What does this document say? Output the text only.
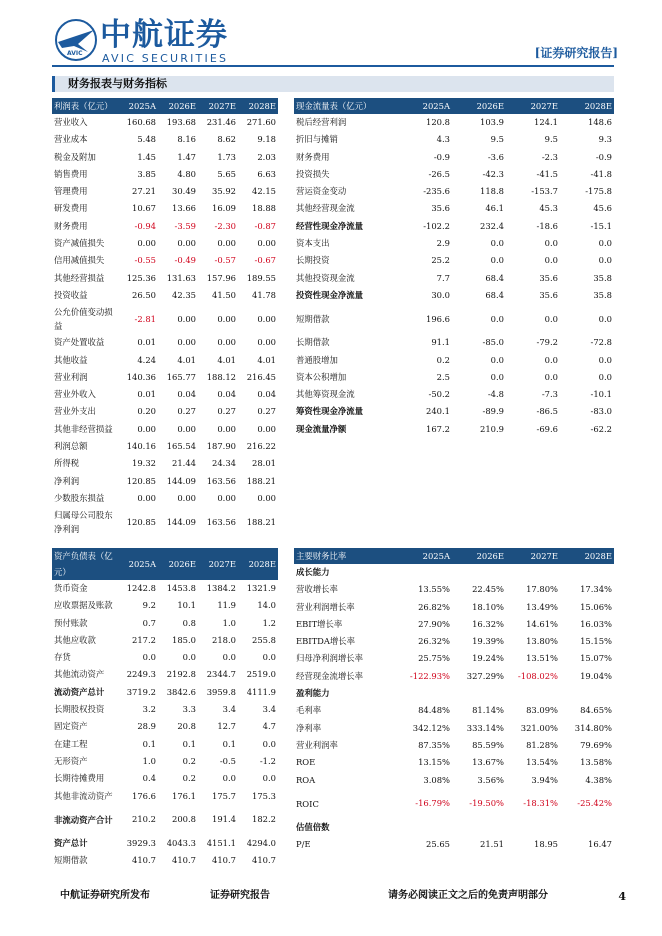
AVIC
中航证券
AVIC SECURITIES	[证券研究报告]
财务报表与财务指标
利润表（亿元）	2025A	2026E	2027E	2028E
营业收入	160.68	193.68	231.46	271.60
营业成本	5.48	8.16	8.62	9.18
税金及附加	1.45	1.47	1.73	2.03
销售费用	3.85	4.80	5.65	6.63
管理费用	27.21	30.49	35.92	42.15
研发费用	10.67	13.66	16.09	18.88
财务费用	-0.94	-3.59	-2.30	-0.87
资产减值损失	0.00	0.00	0.00	0.00
信用减值损失	-0.55	-0.49	-0.57	-0.67
其他经营损益	125.36	131.63	157.96	189.55
投资收益	26.50	42.35	41.50	41.78
公允价值变动损益	-2.81	0.00	0.00	0.00
资产处置收益	0.01	0.00	0.00	0.00
其他收益	4.24	4.01	4.01	4.01
营业利润	140.36	165.77	188.12	216.45
营业外收入	0.01	0.04	0.04	0.04
营业外支出	0.20	0.27	0.27	0.27
其他非经营损益	0.00	0.00	0.00	0.00
利润总额	140.16	165.54	187.90	216.22
所得税	19.32	21.44	24.34	28.01
净利润	120.85	144.09	163.56	188.21
少数股东损益	0.00	0.00	0.00	0.00
归属母公司股东净利润	120.85	144.09	163.56	188.21
现金流量表（亿元）	2025A	2026E	2027E	2028E
税后经营利润	120.8	103.9	124.1	148.6
折旧与摊销	4.3	9.5	9.5	9.3
财务费用	-0.9	-3.6	-2.3	-0.9
投资损失	-26.5	-42.3	-41.5	-41.8
营运资金变动	-235.6	118.8	-153.7	-175.8
其他经营现金流	35.6	46.1	45.3	45.6
经营性现金净流量	-102.2	232.4	-18.6	-15.1
资本支出	2.9	0.0	0.0	0.0
长期投资	25.2	0.0	0.0	0.0
其他投资现金流	7.7	68.4	35.6	35.8
投资性现金净流量	30.0	68.4	35.6	35.8
短期借款	196.6	0.0	0.0	0.0
长期借款	91.1	-85.0	-79.2	-72.8
普通股增加	0.2	0.0	0.0	0.0
资本公积增加	2.5	0.0	0.0	0.0
其他筹资现金流	-50.2	-4.8	-7.3	-10.1
筹资性现金净流量	240.1	-89.9	-86.5	-83.0
现金流量净额	167.2	210.9	-69.6	-62.2
资产负债表（亿元）	2025A	2026E	2027E	2028E
货币资金	1242.8	1453.8	1384.2	1321.9
应收票据及账款	9.2	10.1	11.9	14.0
预付账款	0.7	0.8	1.0	1.2
其他应收款	217.2	185.0	218.0	255.8
存货	0.0	0.0	0.0	0.0
其他流动资产	2249.3	2192.8	2344.7	2519.0
流动资产总计	3719.2	3842.6	3959.8	4111.9
长期股权投资	3.2	3.3	3.4	3.4
固定资产	28.9	20.8	12.7	4.7
在建工程	0.1	0.1	0.1	0.0
无形资产	1.0	0.2	-0.5	-1.2
长期待摊费用	0.4	0.2	0.0	0.0
其他非流动资产	176.6	176.1	175.7	175.3
非流动资产合计	210.2	200.8	191.4	182.2
资产总计	3929.3	4043.3	4151.1	4294.0
短期借款	410.7	410.7	410.7	410.7
主要财务比率	2025A	2026E	2027E	2028E
成长能力				
营收增长率	13.55%	22.45%	17.80%	17.34%
营业利润增长率	26.82%	18.10%	13.49%	15.06%
EBIT增长率	27.90%	16.32%	14.61%	16.03%
EBITDA增长率	26.32%	19.39%	13.80%	15.15%
归母净利润增长率	25.75%	19.24%	13.51%	15.07%
经营现金流增长率	-122.93%	327.29%	-108.02%	19.04%
盈利能力				
毛利率	84.48%	81.14%	83.09%	84.65%
净利率	342.12%	333.14%	321.00%	314.80%
营业利润率	87.35%	85.59%	81.28%	79.69%
ROE	13.15%	13.67%	13.54%	13.58%
ROA	3.08%	3.56%	3.94%	4.38%
ROIC	-16.79%	-19.50%	-18.31%	-25.42%
估值倍数				
P/E	25.65	21.51	18.95	16.47
中航证券研究所发布	证券研究报告	请务必阅读正文之后的免责声明部分	4
